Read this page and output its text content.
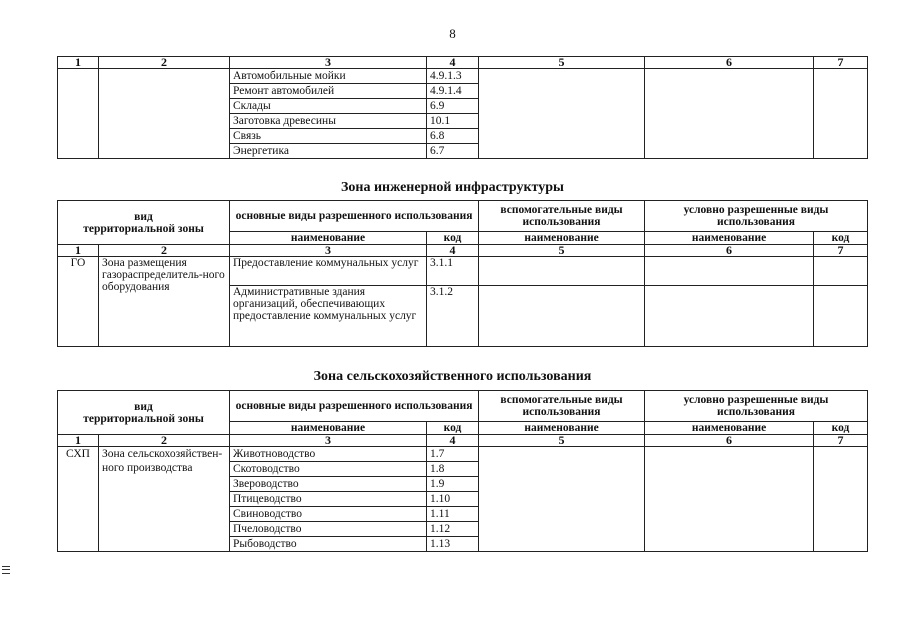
8
1	2	3	4	5	6	7
		Автомобильные мойки	4.9.1.3			
		Ремонт автомобилей	4.9.1.4			
		Склады	6.9			
		Заготовка древесины	10.1			
		Связь	6.8			
		Энергетика	6.7			
Зона инженерной инфраструктуры
вид
территориальной зоны		основные виды разрешенного использования		вспомогательные виды использования	условно разрешенные виды использования	
		наименование	код	наименование	наименование	код
1	2	3	4	5	6	7
ГО	Зона размещения газораспределитель-ного оборудования	Предоставление коммунальных услуг	3.1.1			
		Административные здания организаций, обеспечивающих предоставление коммунальных услуг	3.1.2			
Зона сельскохозяйственного использования
вид
территориальной зоны		основные виды разрешенного использования		вспомогательные виды использования	условно разрешенные виды использования	
		наименование	код	наименование	наименование	код
1	2	3	4	5	6	7
СХП	Зона сельскохозяйствен-ного производства	Животноводство	1.7			
		Скотоводство	1.8			
		Звероводство	1.9			
		Птицеводство	1.10			
		Свиноводство	1.11			
		Пчеловодство	1.12			
		Рыбоводство	1.13			
